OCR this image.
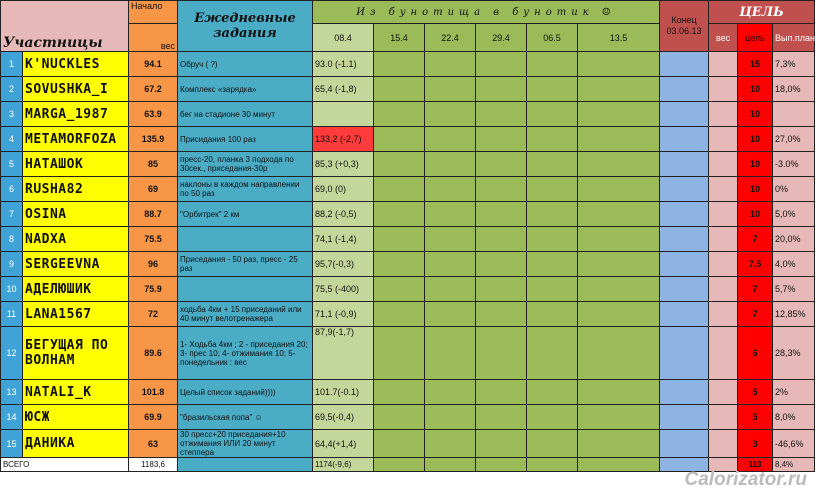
Участницы		Начало	Ежедневные задания	Из бунотища в бунотик ☺						Конец 03.06.13	ЦЕЛЬ		
		вес		08.4	15.4	22.4	29.4	06.5	13.5		вес	цель	Вып.плана
1	K'NUCKLES	94.1	Обруч ( ?)	93.0 (-1.1)								15	7,3%
2	SOVUSHKA_I	67.2	Комплекс «зарядка»	65,4 (-1,8)								10	18,0%
3	MARGA_1987	63.9	бег на стадионе 30 минут									10	
4	METAMORFOZA	135.9	Присидания 100 раз	133,2 (-2,7)								10	27,0%
5	НАТАШОК	85	пресс-20, планка 3 подхода по 30сек., приседания-30р	85,3 (+0,3)								10	-3.0%
6	RUSHA82	69	наклоны в каждом направлении по 50 раз	69,0 (0)								10	0%
7	OSINA	88.7	"Орбитрек" 2 км	88,2 (-0,5)								10	5,0%
8	NADXA	75.5		74,1 (-1,4)								7	20,0%
9	SERGEEVNA	96	Приседания - 50 раз, пресс - 25 раз	95,7(-0,3)								7,5	4,0%
10	АДЕЛЮШИК	75.9		75,5 (-400)								7	5,7%
11	LANA1567	72	ходьба 4км + 15 приседаний или 40 минут велотренажера	71,1 (-0,9)								7	12,85%
12	БЕГУЩАЯ ПО ВОЛНАМ	89.6	1- Ходьба 4км ; 2 - приседания 20; 3- прес 10; 4- отжимания 10; 5- понедельник : вес	87,9(-1,7)								6	28,3%
13	NATALI_K	101.8	Целый список заданий))))	101.7(-0.1)								5	2%
14	ЮСЖ	69.9	"бразильская попа" ☺	69,5(-0,4)								5	8,0%
15	ДАНИКА	63	30 пресс+20 приседания+10 отжимания ИЛИ 20 минут степпера	64,4(+1,4)								3	-46,6%
ВСЕГО		1183,6		1174(-9,6)								113	8,4%
Calorizator.ru
